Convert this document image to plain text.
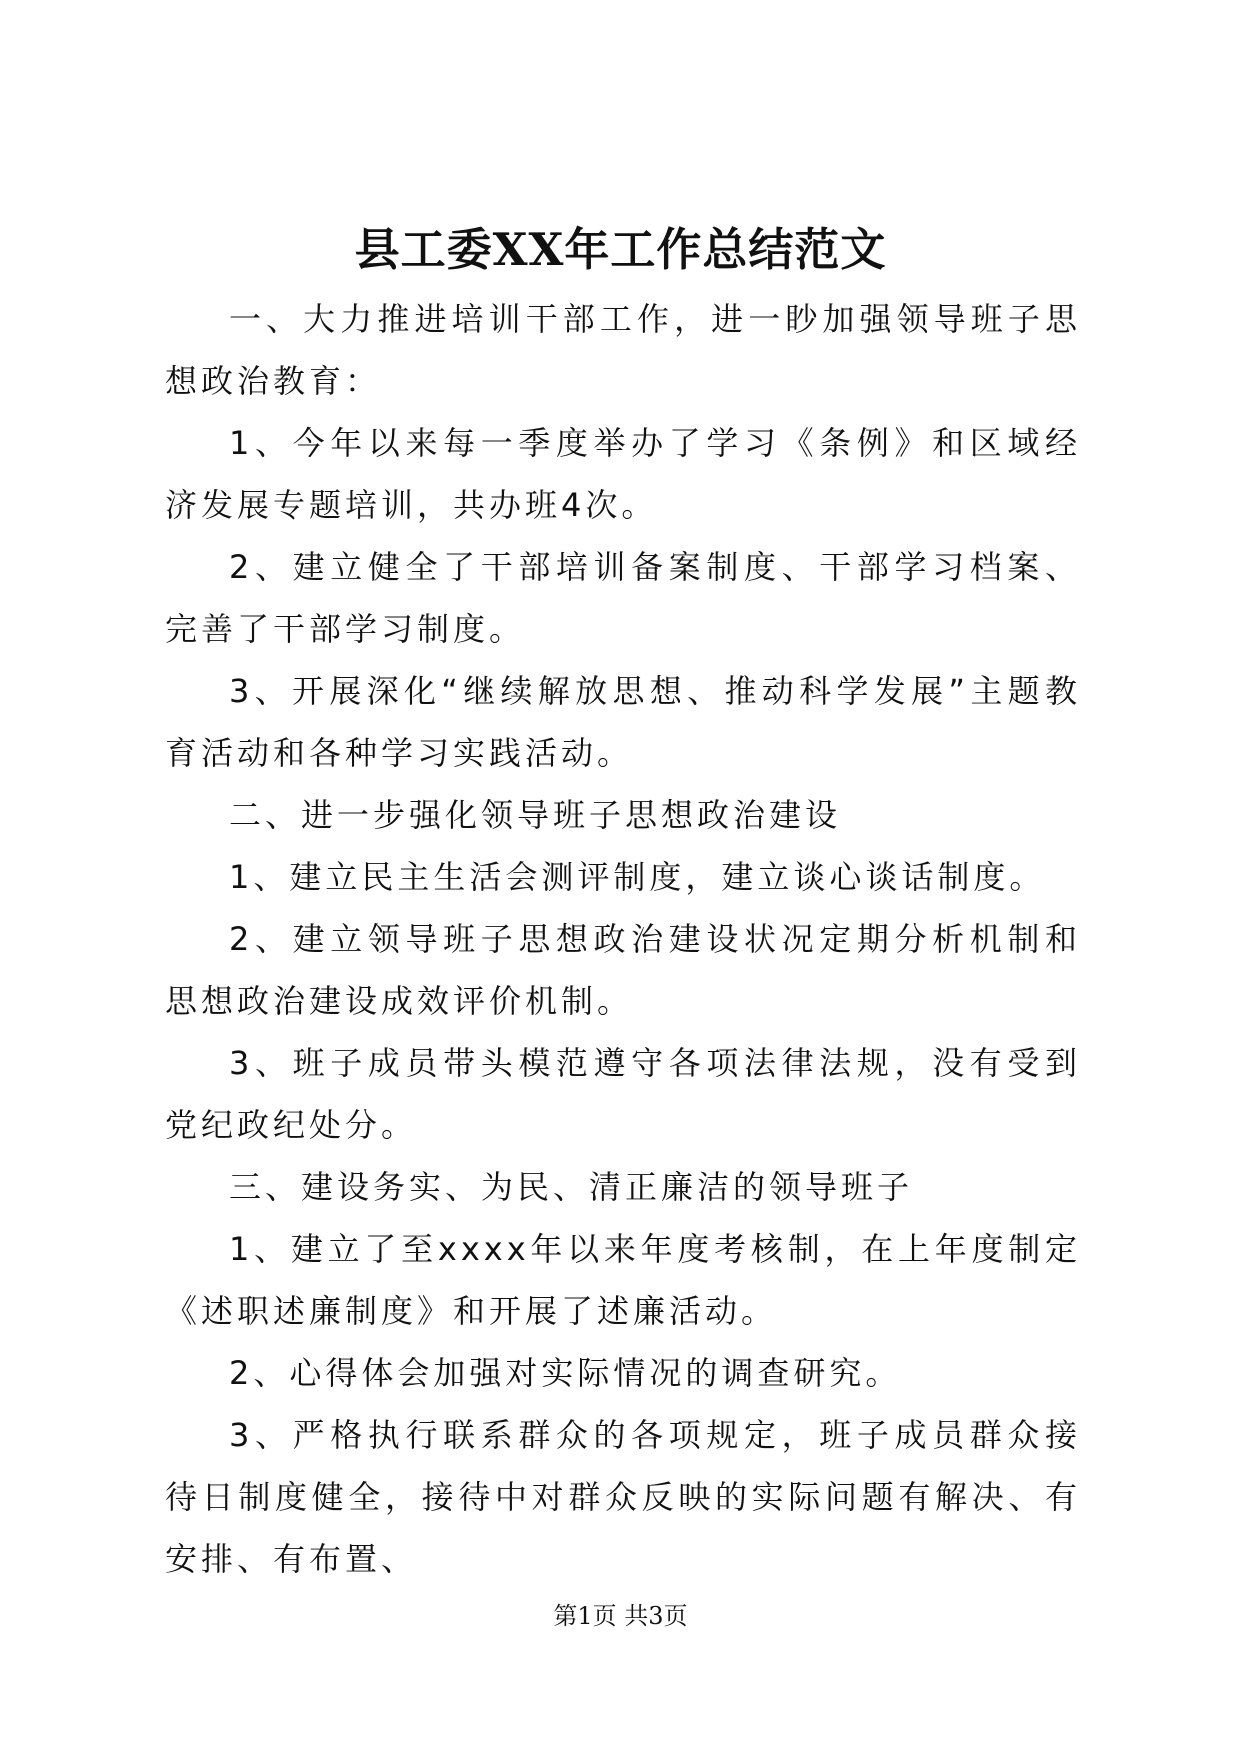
县工委XX年工作总结范文

一、大力推进培训干部工作，进一眇加强领导班子思想政治教育：

1、今年以来每一季度举办了学习《条例》和区域经济发展专题培训，共办班4次。

2、建立健全了干部培训备案制度、干部学习档案、完善了干部学习制度。

3、开展深化“继续解放思想、推动科学发展”主题教育活动和各种学习实践活动。

二、进一步强化领导班子思想政治建设

1、建立民主生活会测评制度，建立谈心谈话制度。

2、建立领导班子思想政治建设状况定期分析机制和思想政治建设成效评价机制。

3、班子成员带头模范遵守各项法律法规，没有受到党纪政纪处分。

三、建设务实、为民、清正廉洁的领导班子

1、建立了至xxxx年以来年度考核制，在上年度制定《述职述廉制度》和开展了述廉活动。

2、心得体会加强对实际情况的调查研究。

3、严格执行联系群众的各项规定，班子成员群众接待日制度健全，接待中对群众反映的实际问题有解决、有安排、有布置、

第1页 共3页
